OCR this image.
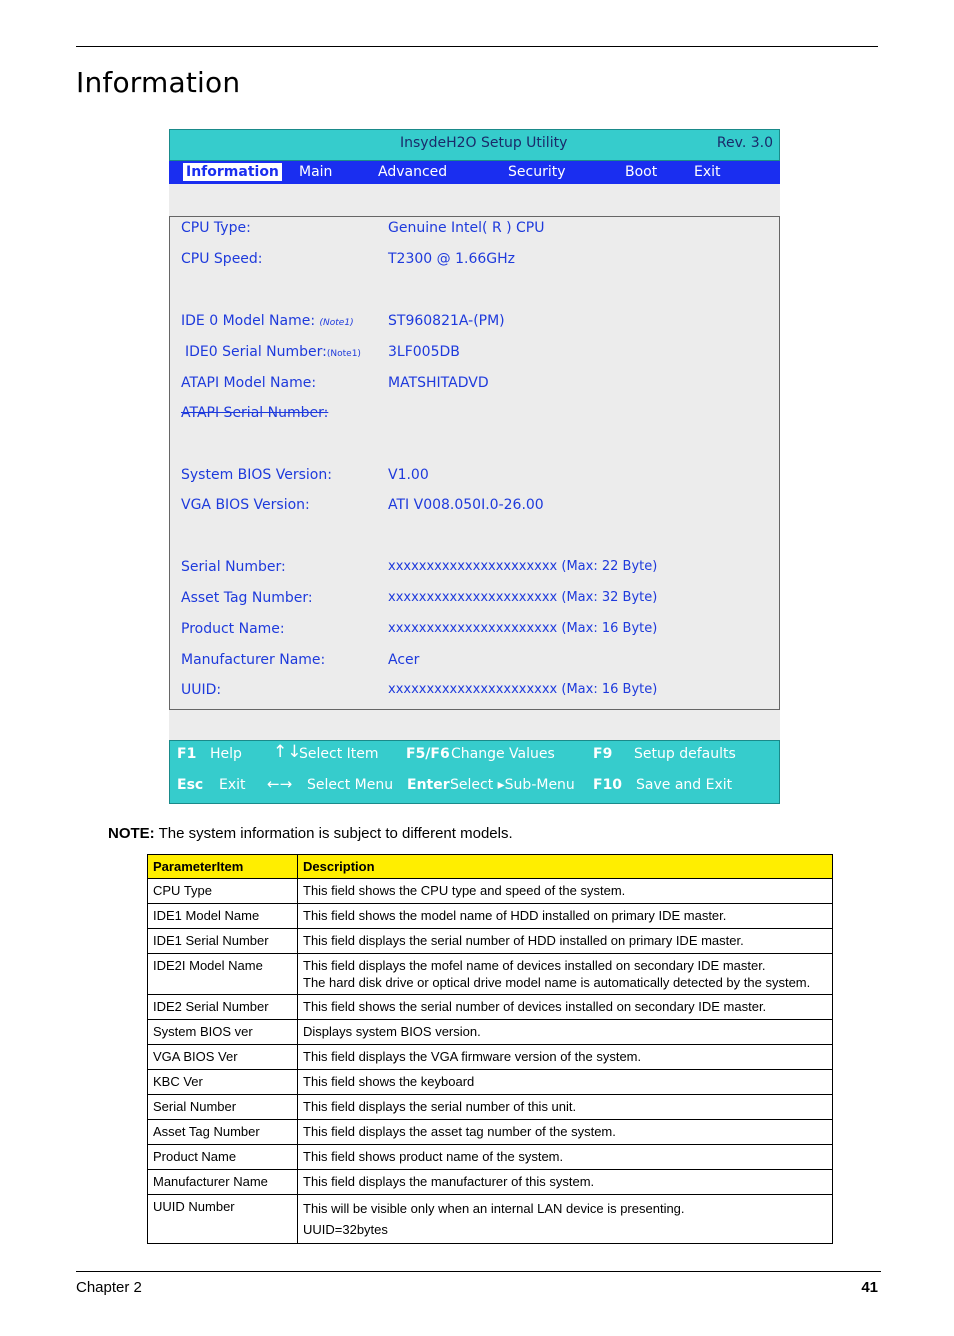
Information
InsydeH2O Setup Utility	Rev. 3.0
Information Main	Advanced	Security	Boot	Exit
CPU Type:	Genuine Intel( R ) CPU
CPU Speed:	T2300 @ 1.66GHz
IDE 0 Model Name: (Note1) ST960821A-(PM)
IDE0 Serial Number:(Note1) 3LF005DB
ATAPI Model Name:	MATSHITADVD
ATAPI Serial Number:
System BIOS Version:	V1.00
VGA BIOS Version:	ATI V008.050I.0-26.00
Serial Number:	xxxxxxxxxxxxxxxxxxxxxx (Max: 22 Byte)
Asset Tag Number:	xxxxxxxxxxxxxxxxxxxxxx (Max: 32 Byte)
Product Name:	xxxxxxxxxxxxxxxxxxxxxx (Max: 16 Byte)
Manufacturer Name:	Acer
UUID:	xxxxxxxxxxxxxxxxxxxxxx (Max: 16 Byte)
F1 Help ↑↓
Select Item F5/F6 Change Values	F9 Setup defaults
Esc Exit ←→ Select Menu Enter Select ▸Sub-Menu F10 Save and Exit

NOTE: The system information is subject to different models.

ParameterItem	Description
CPU Type	This field shows the CPU type and speed of the system.
IDE1 Model Name	This field shows the model name of HDD installed on primary IDE master.
IDE1 Serial Number	This field displays the serial number of HDD installed on primary IDE master.
IDE2I Model Name	This field displays the mofel name of devices installed on secondary IDE master.
The hard disk drive or optical drive model name is automatically detected by the system.
IDE2 Serial Number	This field shows the serial number of devices installed on secondary IDE master.
System BIOS ver	Displays system BIOS version.
VGA BIOS Ver	This field displays the VGA firmware version of the system.
KBC Ver	This field shows the keyboard
Serial Number	This field displays the serial number of this unit.
Asset Tag Number	This field displays the asset tag number of the system.
Product Name	This field shows product name of the system.
Manufacturer Name	This field displays the manufacturer of this system.
UUID Number	This will be visible only when an internal LAN device is presenting.
UUID=32bytes
Chapter 2	41
